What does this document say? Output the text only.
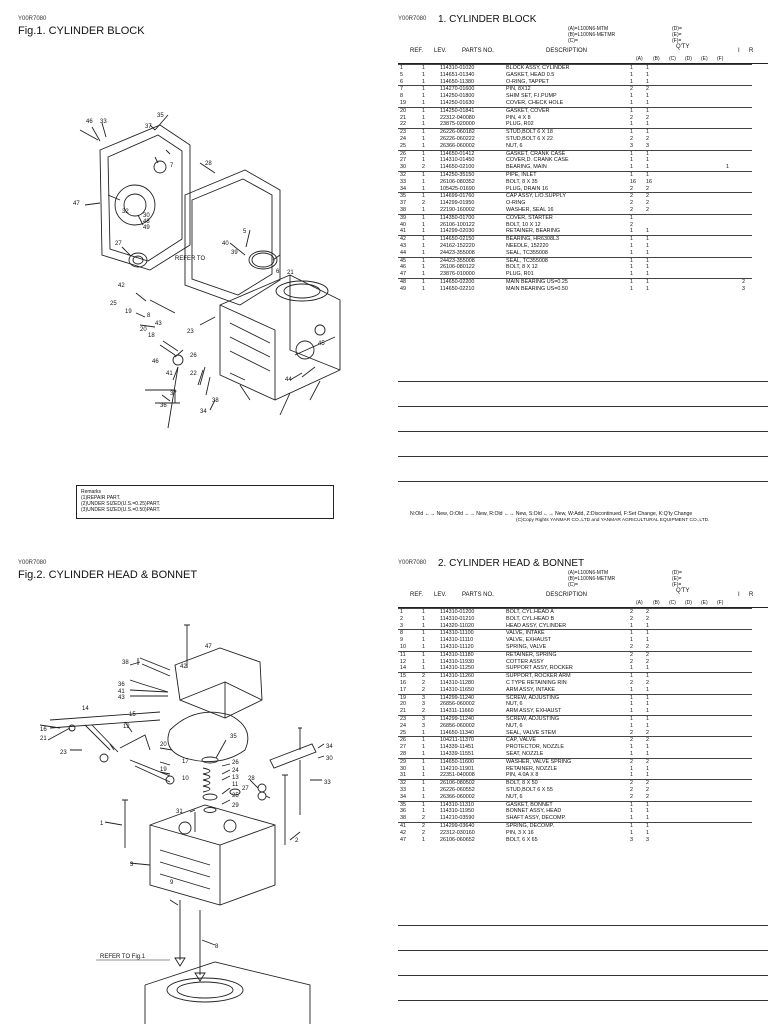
Y00R7080
Fig.1. CYLINDER BLOCK
46 33
35
37
7	28
47
32
30
48
49
5
27	40
39
6 21
42
25
19
8
43
20
18
23
26
22
41
46
37
36
34
38
45
44
REFER TO
Remarks
(1)REPAIR PART.
(2)UNDER SIZED(U.S.=0.25)PART.
(3)UNDER SIZED(U.S.=0.50)PART.
Y00R7080 1. CYLINDER BLOCK
(A)=L100N6-MTM
(B)=L100N6-METMR
(C)=
(D)=
(E)=
(F)=
REF. LEV.	PARTS NO.	DESCRIPTION
Q'TY
I R
(A) (B) (C) (D) (E) (F)
1	1	114310-01020	BLOCK ASSY, CYLINDER	1	1						
5	1	114651-01340	GASKET, HEAD 0.5	1	1						
6	1	114650-11380	O-RING, TAPPET	1	1						
7	1	114270-01600	PIN, 8X12	2	2						
8	1	114250-01800	SHIM SET, F.I.PUMP	1	1						
19	1	114250-01630	COVER, CHECK HOLE	1	1						
20	1	114250-01841	GASKET, COVER	1	1						
21	1	22312-040080	PIN, 4 X 8	2	2						
22	1	23875-020000	PLUG, R02	1	1						
23	1	26226-060182	STUD,BOLT 6 X 18	1	1						
24	1	26226-060222	STUD,BOLT 6 X 22	2	2						
25	1	26366-060002	NUT, 6	3	3						
26	1	114650-01412	GASKET, CRANK CASE	1	1						
27	1	114310-01450	COVER,D. CRANK CASE	1	1						
30	2	114650-02100	BEARING, MAIN	1	1					1	
32	1	114250-35150	PIPE, INLET	1	1						
33	1	26106-080352	BOLT, 8 X 35	16	16						
34	1	105425-01690	PLUG, DRAIN 16	2	2						
35	1	114699-01760	CAP ASSY, L/O.SUPPLY	2	2						
37	2	114299-01950	O-RING	2	2						
38	1	22190-160002	WASHER, SEAL 16	2	2						
39	1	114350-01700	COVER, STARTER	1							
40	1	26106-100122	BOLT, 10 X 12	2							
41	1	114299-02030	RETAINER, BEARING	1	1						
42	1	114650-02150	BEARING, HR6308L3	1	1						
43	1	24162-152220	NEEDLE, 152220	1	1						
44	1	24423-355008	SEAL, TC355008	1	1						
45	1	24423-355008	SEAL, TC355008	1	1						
46	1	26106-080122	BOLT, 8 X 12	1	1						
47	1	23876-010000	PLUG, R01	1	1						
48	1	114650-02200	MAIN BEARING US=0.25	1	1						2
49	1	114650-02210	MAIN BEARING US=0.50	1	1						3
N:Old ←→ New, O:Old ←→ New, R:Old ←→ New, S:Old ←→ New, W:Add, Z:Discontinued, F:Set Change, K:Q'ty Change
(C)Copy Rights YANMAR CO.,LTD and YANMAR AGRICULTURAL EQUIPMENT CO.,LTD.
Y00R7080
Fig.2. CYLINDER HEAD & BONNET
47
38
36
41
43
42
14
16
15
12
23
21
20
17
19
10
31
35
26
24
13
11
25
29
28
27
34
30
33
1
2
3
9
8
REFER TO Fig.1
Y00R7080 2. CYLINDER HEAD & BONNET
(A)=L100N6-MTM
(B)=L100N6-METMR
(C)=
(D)=
(E)=
(F)=
REF. LEV.	PARTS NO.	DESCRIPTION
Q'TY
I R
(A) (B) (C) (D) (E) (F)
1	1	114310-01200	BOLT, CYL.HEAD A	2	2						
2	1	114310-01210	BOLT, CYL.HEAD B	2	2						
3	1	114320-11020	HEAD ASSY, CYLINDER	1	1						
8	1	114310-11100	VALVE, INTAKE	1	1						
9	1	114310-11110	VALVE, EXHAUST	1	1						
10	1	114310-11120	SPRING, VALVE	2	2						
11	1	114310-11180	RETAINER, SPRING	2	2						
12	1	114310-11930	COTTER ASSY	2	2						
14	1	114310-11250	SUPPORT ASSY, ROCKER	1	1						
15	2	114310-11260	SUPPORT, ROCKER ARM	1	1						
16	2	114310-11280	C TYPE RETAINING RIN	2	2						
17	2	114310-11650	ARM ASSY, INTAKE	1	1						
19	3	114299-11240	SCREW, ADJUSTING	1	1						
20	3	26856-060002	NUT, 6	1	1						
21	2	114311-11660	ARM ASSY, EXHAUST	1	1						
23	3	114299-11240	SCREW, ADJUSTING	1	1						
24	3	26856-060002	NUT, 6	1	1						
25	1	114650-11340	SEAL, VALVE STEM	2	2						
26	1	104211-11370	CAP, VALVE	2	2						
27	1	114339-11451	PROTECTOR, NOZZLE	1	1						
28	1	114339-11551	SEAT, NOZZLE	1	1						
29	1	114650-11600	WASHER, VALVE SPRING	2	2						
30	1	114210-11901	RETAINER, NOZZLE	1	1						
31	1	22351-040008	PIN, 4.0A X 8	1	1						
32	1	26106-080502	BOLT, 8 X 50	2	2						
33	1	26226-060552	STUD,BOLT 6 X 55	2	2						
34	1	26366-060002	NUT, 6	2	2						
35	1	114310-11310	GASKET, BONNET	1	1						
36	1	114310-11950	BONNET ASSY, HEAD	1	1						
38	2	114210-03590	SHAFT ASSY, DECOMP.	1	1						
41	2	114299-03640	SPRING, DECOMP.	1	1						
42	2	22312-030160	PIN, 3 X 16	1	1						
47	1	26106-060652	BOLT, 6 X 65	3	3						
